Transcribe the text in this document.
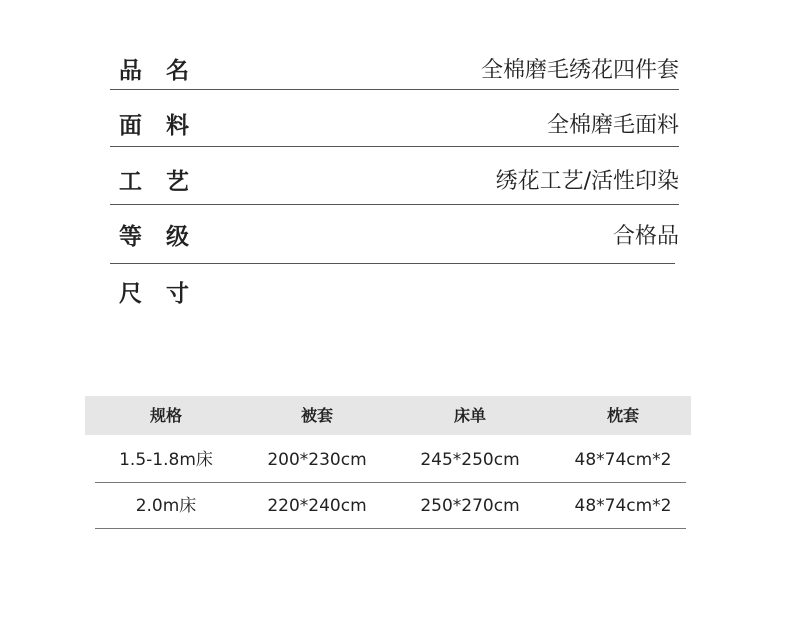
品名	全棉磨毛绣花四件套
面料	全棉磨毛面料
工艺	绣花工艺/活性印染
等级	合格品
尺寸
规格	被套	床单	枕套
1.5-1.8m床	200*230cm	245*250cm	48*74cm*2
2.0m床	220*240cm	250*270cm	48*74cm*2
